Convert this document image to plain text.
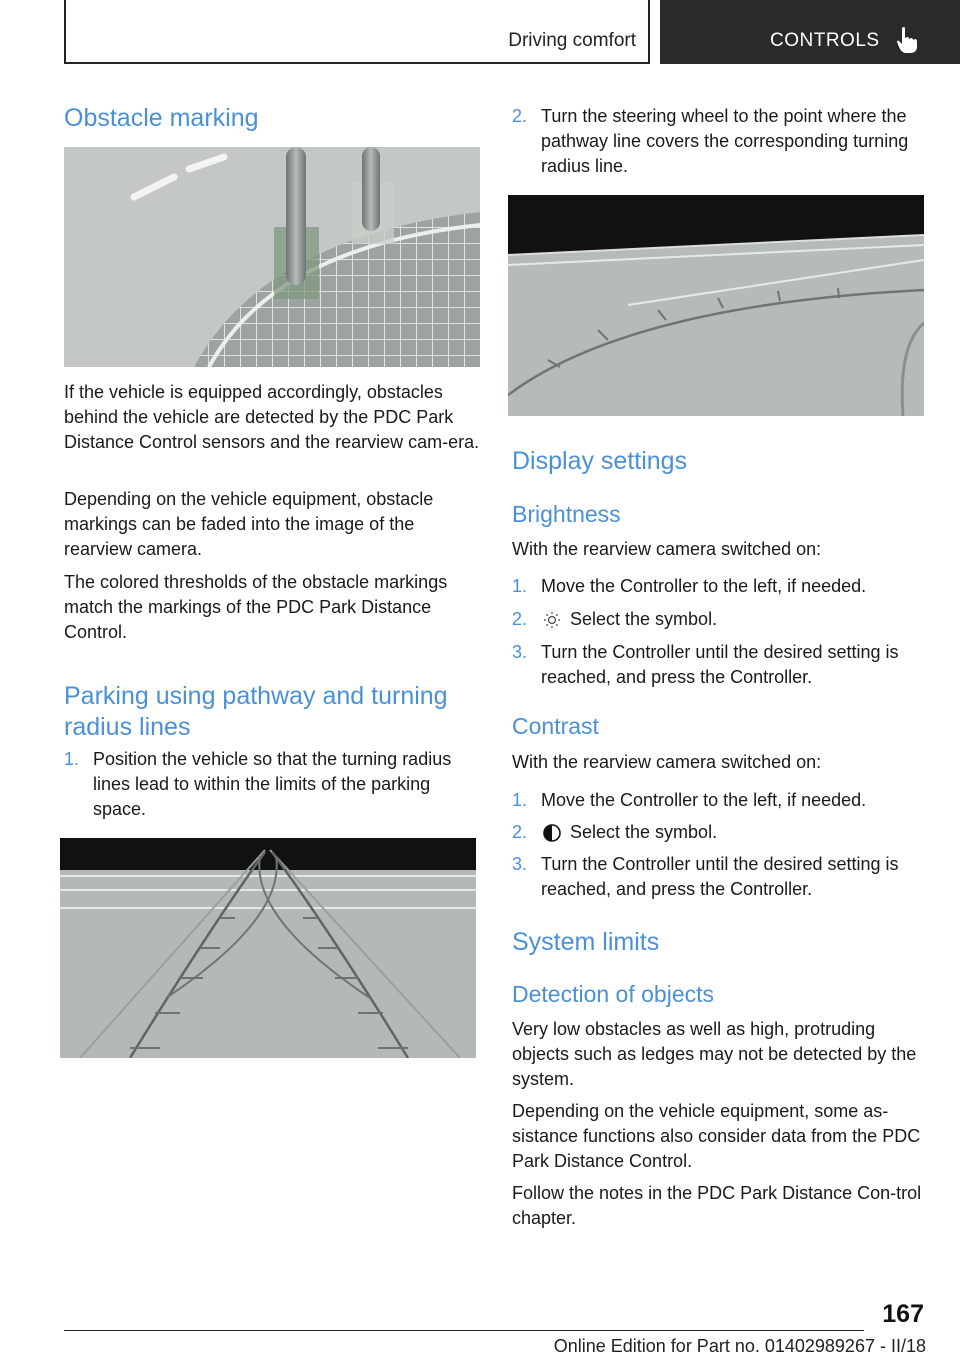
Driving comfort	CONTROLS
Obstacle marking
If the vehicle is equipped accordingly, obstacles behind the vehicle are detected by the PDC Park Distance Control sensors and the rearview cam‐era.
Depending on the vehicle equipment, obstacle markings can be faded into the image of the rearview camera.
The colored thresholds of the obstacle markings match the markings of the PDC Park Distance Control.
Parking using pathway and turning radius lines
1. Position the vehicle so that the turning radius lines lead to within the limits of the parking space.
2. Turn the steering wheel to the point where the pathway line covers the corresponding turning radius line.
Display settings
Brightness
With the rearview camera switched on:
1. Move the Controller to the left, if needed.
2. Select the symbol.
3. Turn the Controller until the desired setting is reached, and press the Controller.
Contrast
With the rearview camera switched on:
1. Move the Controller to the left, if needed.
2. Select the symbol.
3. Turn the Controller until the desired setting is reached, and press the Controller.
System limits
Detection of objects
Very low obstacles as well as high, protruding objects such as ledges may not be detected by the system.
Depending on the vehicle equipment, some as‐sistance functions also consider data from the PDC Park Distance Control.
Follow the notes in the PDC Park Distance Con‐trol chapter.
167
Online Edition for Part no. 01402989267 - II/18
